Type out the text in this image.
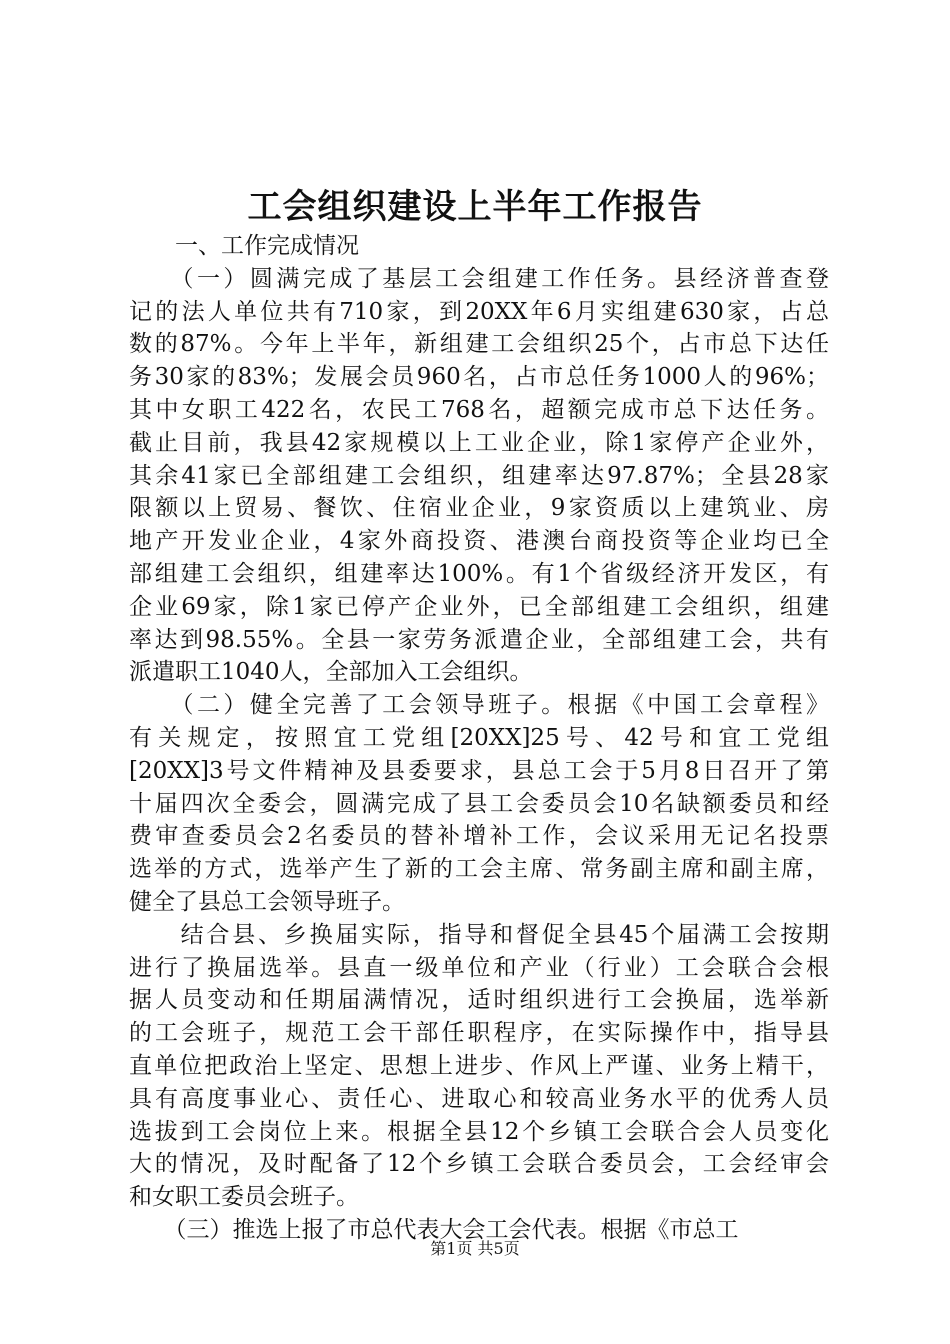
工会组织建设上半年工作报告
一、工作完成情况
　　（一）圆满完成了基层工会组建工作任务。县经济普查登
记的法人单位共有710家，到20XX年6月实组建630家，占总
数的87%。今年上半年，新组建工会组织25个，占市总下达任
务30家的83%；发展会员960名，占市总任务1000人的96%；
其中女职工422名，农民工768名，超额完成市总下达任务。
截止目前，我县42家规模以上工业企业，除1家停产企业外，
其余41家已全部组建工会组织，组建率达97.87%；全县28家
限额以上贸易、餐饮、住宿业企业，9家资质以上建筑业、房
地产开发业企业，4家外商投资、港澳台商投资等企业均已全
部组建工会组织，组建率达100%。有1个省级经济开发区，有
企业69家，除1家已停产企业外，已全部组建工会组织，组建
率达到98.55%。全县一家劳务派遣企业，全部组建工会，共有
派遣职工1040人，全部加入工会组织。
　　（二）健全完善了工会领导班子。根据《中国工会章程》
有关规定，按照宜工党组[20XX]25号、42号和宜工党组
[20XX]3号文件精神及县委要求，县总工会于5月8日召开了第
十届四次全委会，圆满完成了县工会委员会10名缺额委员和经
费审查委员会2名委员的替补增补工作，会议采用无记名投票
选举的方式，选举产生了新的工会主席、常务副主席和副主席，
健全了县总工会领导班子。
　　结合县、乡换届实际，指导和督促全县45个届满工会按期
进行了换届选举。县直一级单位和产业（行业）工会联合会根
据人员变动和任期届满情况，适时组织进行工会换届，选举新
的工会班子，规范工会干部任职程序，在实际操作中，指导县
直单位把政治上坚定、思想上进步、作风上严谨、业务上精干，
具有高度事业心、责任心、进取心和较高业务水平的优秀人员
选拔到工会岗位上来。根据全县12个乡镇工会联合会人员变化
大的情况，及时配备了12个乡镇工会联合委员会，工会经审会
和女职工委员会班子。
　　（三）推选上报了市总代表大会工会代表。根据《市总工
第1页 共5页
